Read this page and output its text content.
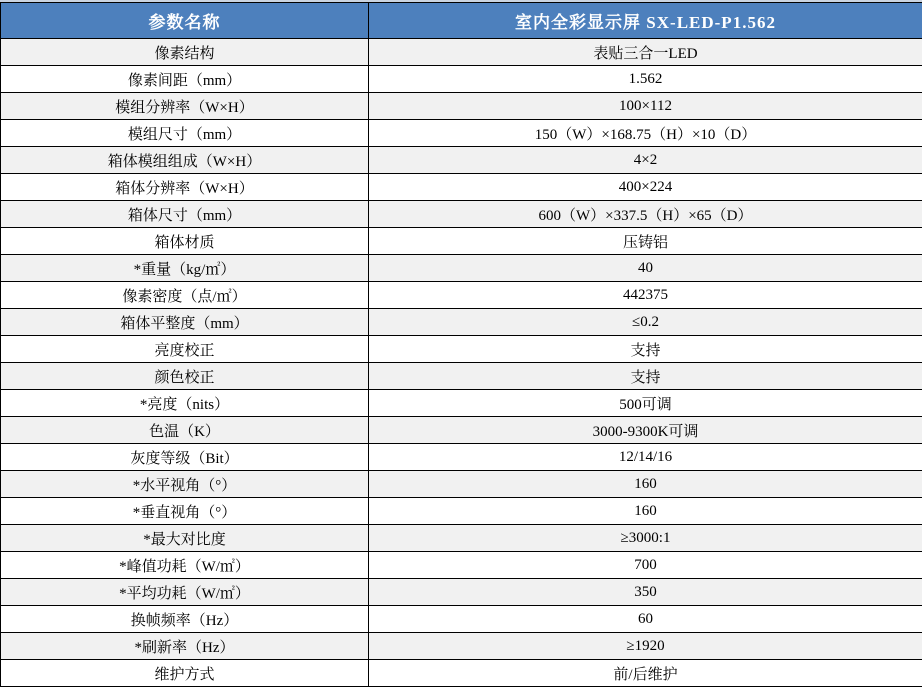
参数名称	室内全彩显示屏 SX-LED-P1.562
像素结构	表贴三合一LED
像素间距（mm）	1.562
模组分辨率（W×H）	100×112
模组尺寸（mm）	150（W）×168.75（H）×10（D）
箱体模组组成（W×H）	4×2
箱体分辨率（W×H）	400×224
箱体尺寸（mm）	600（W）×337.5（H）×65（D）
箱体材质	压铸铝
*重量（kg/㎡）	40
像素密度（点/㎡）	442375
箱体平整度（mm）	≤0.2
亮度校正	支持
颜色校正	支持
*亮度（nits）	500可调
色温（K）	3000-9300K可调
灰度等级（Bit）	12/14/16
*水平视角（°）	160
*垂直视角（°）	160
*最大对比度	≥3000:1
*峰值功耗（W/㎡）	700
*平均功耗（W/㎡）	350
换帧频率（Hz）	60
*刷新率（Hz）	≥1920
维护方式	前/后维护
